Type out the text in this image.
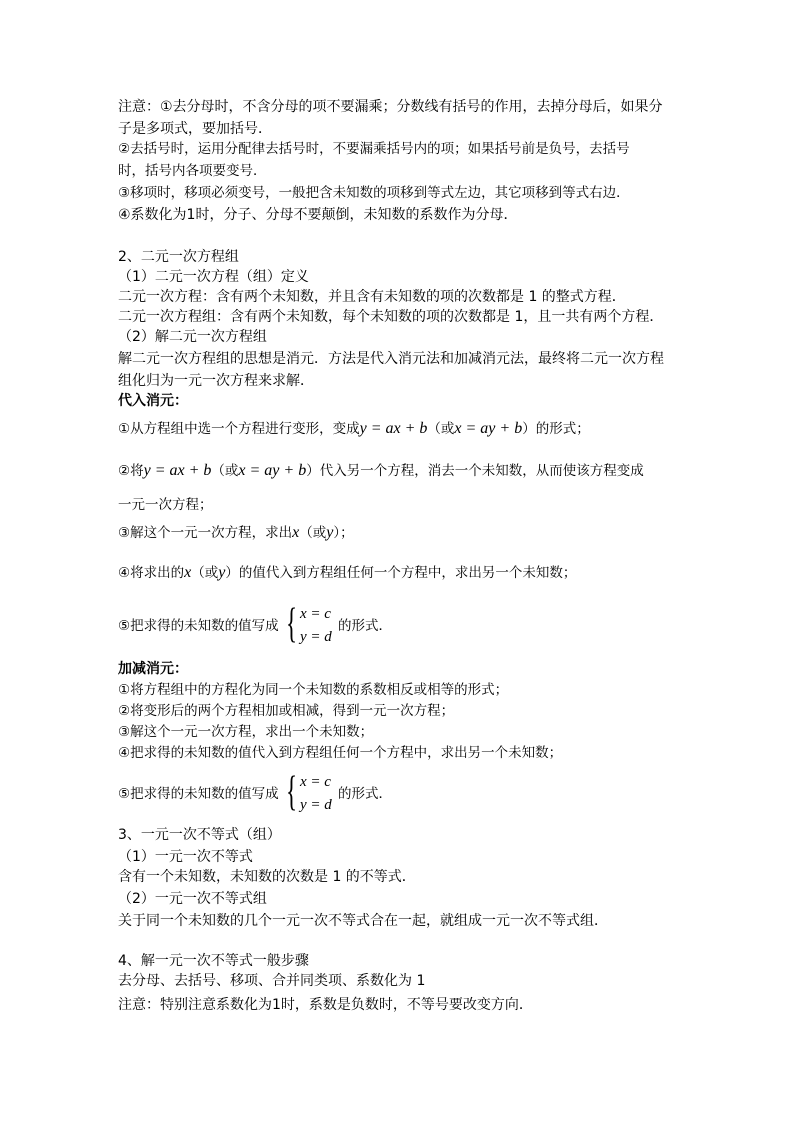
注意：①去分母时，不含分母的项不要漏乘；分数线有括号的作用，去掉分母后，如果分
子是多项式，要加括号．
②去括号时，运用分配律去括号时，不要漏乘括号内的项；如果括号前是负号，去括号
时，括号内各项要变号．
③移项时，移项必须变号，一般把含未知数的项移到等式左边，其它项移到等式右边．
④系数化为1时，分子、分母不要颠倒，未知数的系数作为分母．
2、二元一次方程组
（1）二元一次方程（组）定义
二元一次方程：含有两个未知数，并且含有未知数的项的次数都是 1 的整式方程．
二元一次方程组：含有两个未知数，每个未知数的项的次数都是 1，且一共有两个方程．
（2）解二元一次方程组
解二元一次方程组的思想是消元．方法是代入消元法和加减消元法，最终将二元一次方程
组化归为一元一次方程来求解．
代入消元：
①从方程组中选一个方程进行变形，变成y = ax + b（或x = ay + b）的形式；
②将y = ax + b（或x = ay + b）代入另一个方程，消去一个未知数，从而使该方程变成
一元一次方程；
③解这个一元一次方程，求出x（或y）；
④将求出的x（或y）的值代入到方程组任何一个方程中，求出另一个未知数；
⑤把求得的未知数的值写成 { x = c
y = d
的形式．
加减消元：
①将方程组中的方程化为同一个未知数的系数相反或相等的形式；
②将变形后的两个方程相加或相减，得到一元一次方程；
③解这个一元一次方程，求出一个未知数；
④把求得的未知数的值代入到方程组任何一个方程中，求出另一个未知数；
⑤把求得的未知数的值写成 { x = c
y = d
的形式．
3、一元一次不等式（组）
（1）一元一次不等式
含有一个未知数，未知数的次数是 1 的不等式．
（2）一元一次不等式组
关于同一个未知数的几个一元一次不等式合在一起，就组成一元一次不等式组．
4、解一元一次不等式一般步骤
去分母、去括号、移项、合并同类项、系数化为 1
注意：特别注意系数化为1时，系数是负数时，不等号要改变方向．
